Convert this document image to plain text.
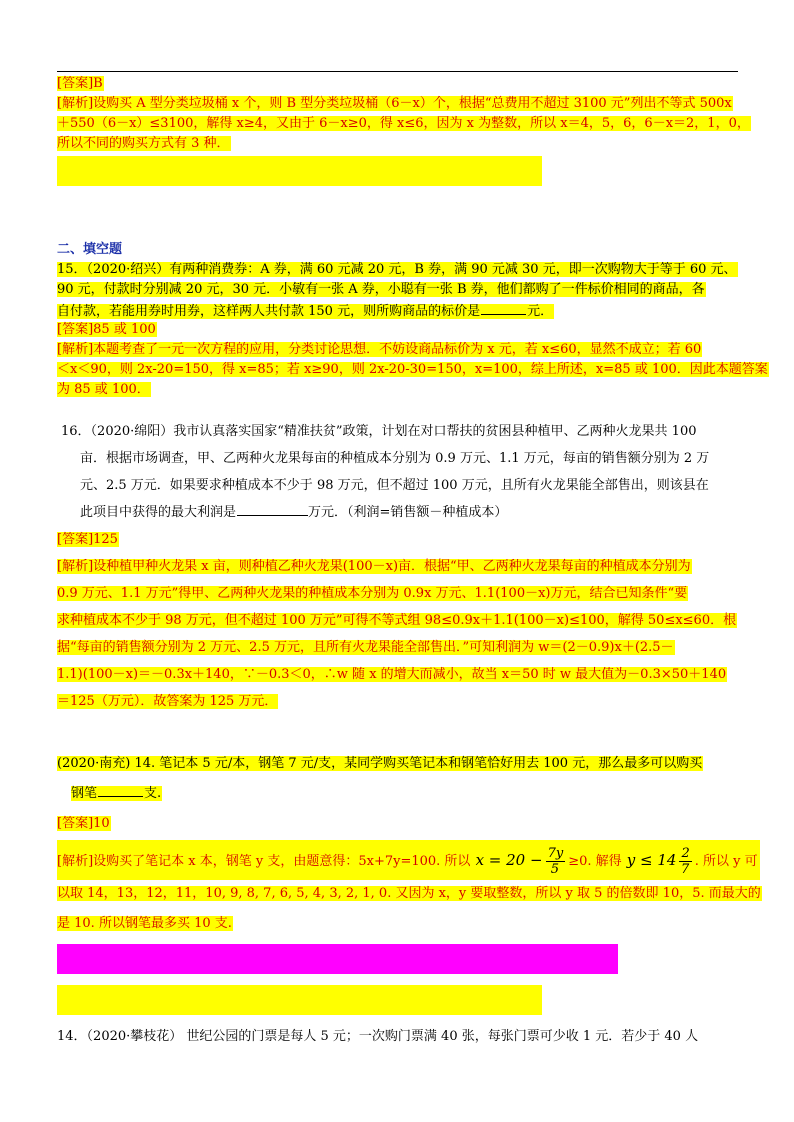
[答案]B
[解析]设购买 A 型分类垃圾桶 x 个，则 B 型分类垃圾桶（6－x）个，根据“总费用不超过 3100 元”列出不等式 500x
＋550（6－x）≤3100，解得 x≥4，又由于 6－x≥0，得 x≤6，因为 x 为整数，所以 x＝4，5，6，6－x＝2，1，0，
所以不同的购买方式有 3 种．
二、填空题
15．（2020·绍兴）有两种消费券：A 券，满 60 元减 20 元，B 券，满 90 元减 30 元，即一次购物大于等于 60 元、
90 元，付款时分别减 20 元，30 元．小敏有一张 A 券，小聪有一张 B 券，他们都购了一件标价相同的商品，各
自付款，若能用券时用券，这样两人共付款 150 元，则所购商品的标价是	元．
[答案]85 或 100
[解析]本题考查了一元一次方程的应用，分类讨论思想．不妨设商品标价为 x 元，若 x≤60，显然不成立；若 60
＜x＜90，则 2x-20=150，得 x=85；若 x≥90，则 2x-20-30=150，x=100，综上所述，x=85 或 100．因此本题答案
为 85 或 100．
16．（2020·绵阳）我市认真落实国家“精准扶贫”政策，计划在对口帮扶的贫困县种植甲、乙两种火龙果共 100
亩．根据市场调查，甲、乙两种火龙果每亩的种植成本分别为 0.9 万元、1.1 万元，每亩的销售额分别为 2 万
元、2.5 万元．如果要求种植成本不少于 98 万元，但不超过 100 万元，且所有火龙果能全部售出，则该县在
此项目中获得的最大利润是	万元．（利润=销售额－种植成本）
[答案]125
[解析]设种植甲种火龙果 x 亩，则种植乙种火龙果(100－x)亩．根据“甲、乙两种火龙果每亩的种植成本分别为
0.9 万元、1.1 万元”得甲、乙两种火龙果的种植成本分别为 0.9x 万元、1.1(100－x)万元，结合已知条件“要
求种植成本不少于 98 万元，但不超过 100 万元”可得不等式组 98≤0.9x＋1.1(100－x)≤100，解得 50≤x≤60．根
据“每亩的销售额分别为 2 万元、2.5 万元，且所有火龙果能全部售出．”可知利润为 w＝(2－0.9)x＋(2.5－
1.1)(100－x)＝－0.3x＋140，∵－0.3＜0，∴w 随 x 的增大而减小，故当 x＝50 时 w 最大值为－0.3×50＋140
＝125（万元）．故答案为 125 万元．
(2020·南充) 14. 笔记本 5 元/本，钢笔 7 元/支，某同学购买笔记本和钢笔恰好用去 100 元，那么最多可以购买
钢笔	支.
[答案]10
[解析]设购买了笔记本 x 本，钢笔 y 支，由题意得：5x+7y=100. 所以 $x = 20 - \frac{7y}{5} \ge 0$. 解得 $y \le 14 \frac{2}{7}$ . 所以 y 可
以取 14，13，12，11，10, 9, 8, 7, 6, 5, 4, 3, 2, 1, 0. 又因为 x，y 要取整数，所以 y 取 5 的倍数即 10，5. 而最大的
是 10. 所以钢笔最多买 10 支.
14．（2020·攀枝花） 世纪公园的门票是每人 5 元；一次购门票满 40 张，每张门票可少收 1 元．若少于 40 人
